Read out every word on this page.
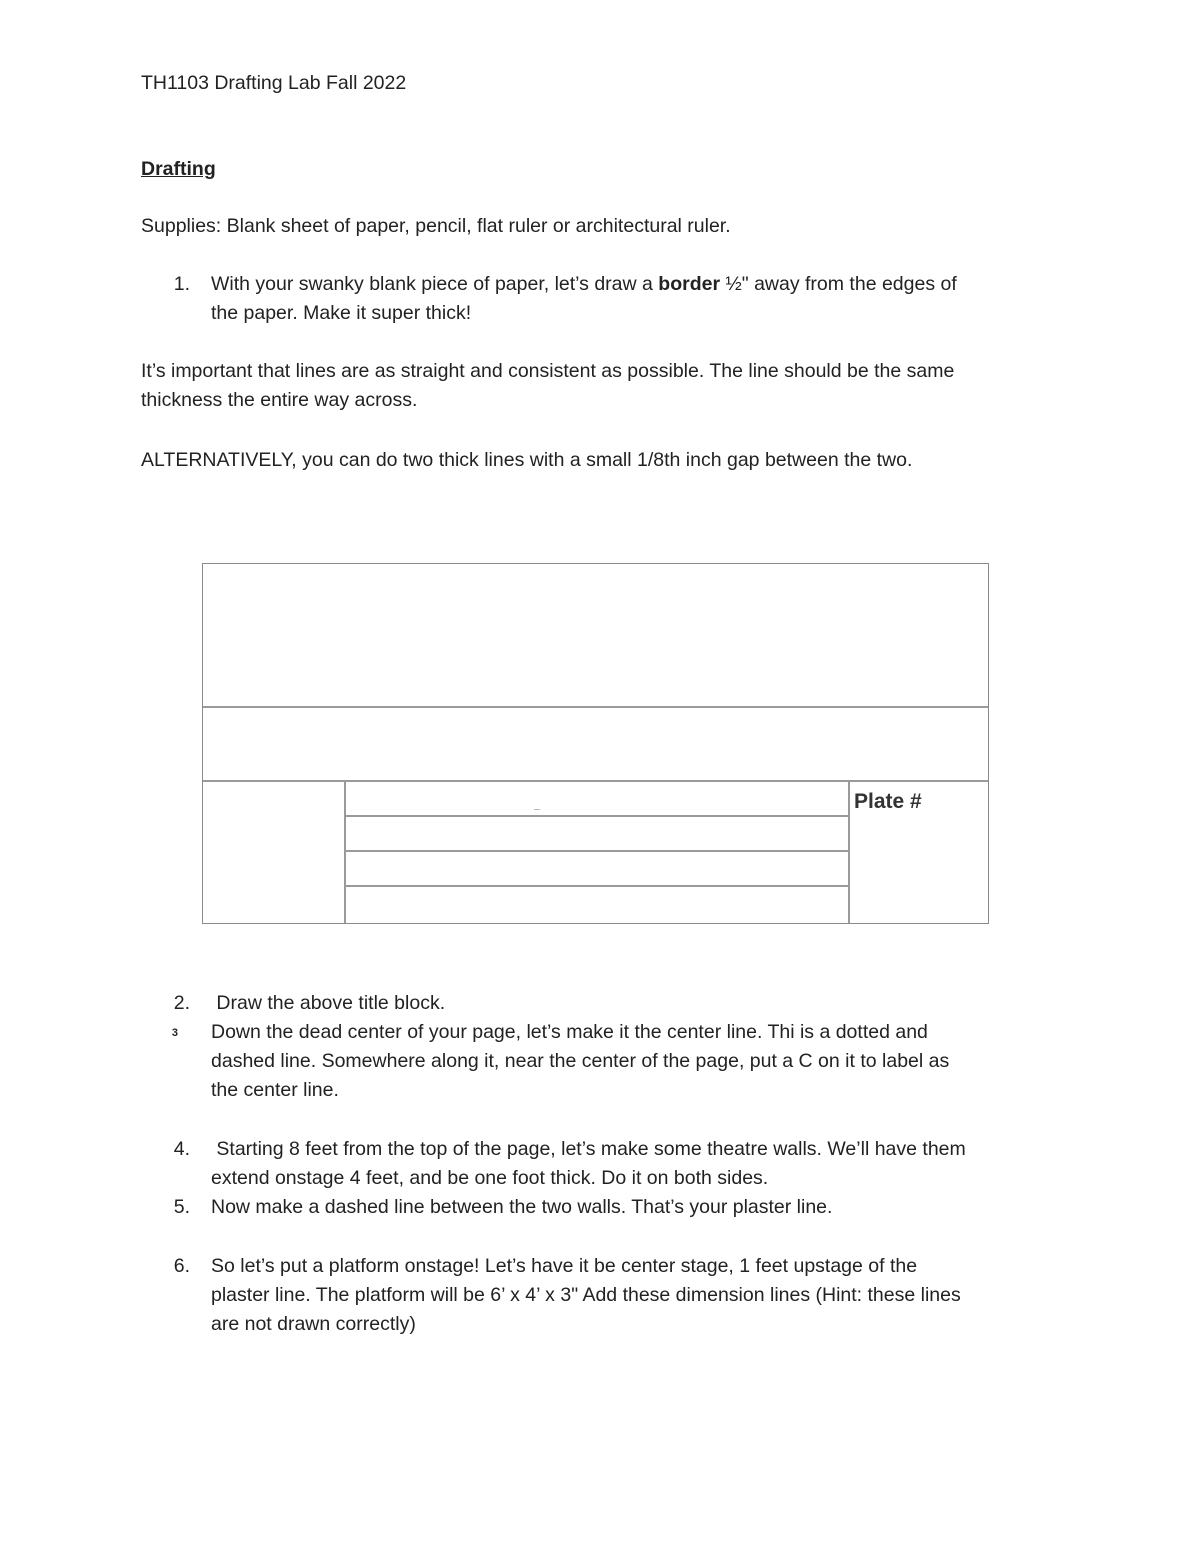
TH1103 Drafting Lab Fall 2022
Drafting
Supplies: Blank sheet of paper, pencil, flat ruler or architectural ruler.
1. With your swanky blank piece of paper, let’s draw a border ½" away from the edges of
the paper. Make it super thick!
It’s important that lines are as straight and consistent as possible. The line should be the same
thickness the entire way across.
ALTERNATIVELY, you can do two thick lines with a small 1/8th inch gap between the two.
Plate #
2. Draw the above title block.
3 Down the dead center of your page, let’s make it the center line. Thi is a dotted and
dashed line. Somewhere along it, near the center of the page, put a C on it to label as
the center line.
4. Starting 8 feet from the top of the page, let’s make some theatre walls. We’ll have them
extend onstage 4 feet, and be one foot thick. Do it on both sides.
5. Now make a dashed line between the two walls. That’s your plaster line.
6. So let’s put a platform onstage! Let’s have it be center stage, 1 feet upstage of the
plaster line. The platform will be 6’ x 4’ x 3" Add these dimension lines (Hint: these lines
are not drawn correctly)
